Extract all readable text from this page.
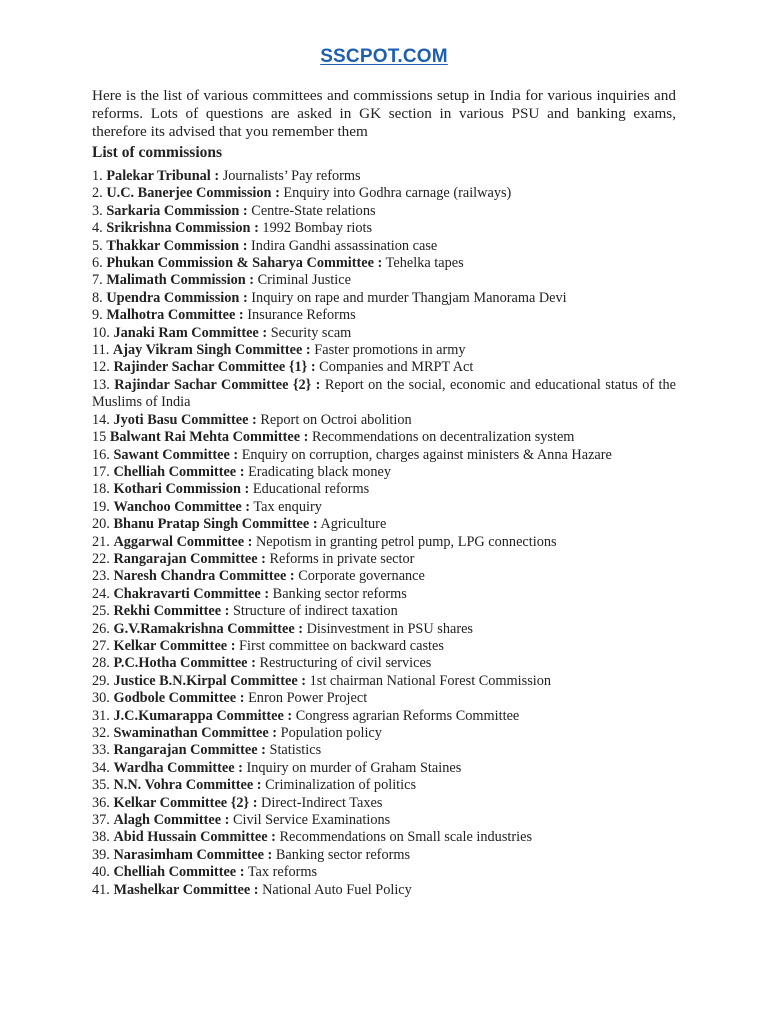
SSCPOT.COM

Here is the list of various committees and commissions setup in India for various inquiries and reforms. Lots of questions are asked in GK section in various PSU and banking exams, therefore its advised that you remember them

List of commissions
1. Palekar Tribunal : Journalists’ Pay reforms
2. U.C. Banerjee Commission : Enquiry into Godhra carnage (railways)
3. Sarkaria Commission : Centre-State relations
4. Srikrishna Commission : 1992 Bombay riots
5. Thakkar Commission : Indira Gandhi assassination case
6. Phukan Commission & Saharya Committee : Tehelka tapes
7. Malimath Commission : Criminal Justice
8. Upendra Commission : Inquiry on rape and murder Thangjam Manorama Devi
9. Malhotra Committee : Insurance Reforms
10. Janaki Ram Committee : Security scam
11. Ajay Vikram Singh Committee : Faster promotions in army
12. Rajinder Sachar Committee {1} : Companies and MRPT Act
13. Rajindar Sachar Committee {2} : Report on the social, economic and educational status of the Muslims of India
14. Jyoti Basu Committee : Report on Octroi abolition
15 Balwant Rai Mehta Committee : Recommendations on decentralization system
16. Sawant Committee : Enquiry on corruption, charges against ministers & Anna Hazare
17. Chelliah Committee : Eradicating black money
18. Kothari Commission : Educational reforms
19. Wanchoo Committee : Tax enquiry
20. Bhanu Pratap Singh Committee : Agriculture
21. Aggarwal Committee : Nepotism in granting petrol pump, LPG connections
22. Rangarajan Committee : Reforms in private sector
23. Naresh Chandra Committee : Corporate governance
24. Chakravarti Committee : Banking sector reforms
25. Rekhi Committee : Structure of indirect taxation
26. G.V.Ramakrishna Committee : Disinvestment in PSU shares
27. Kelkar Committee : First committee on backward castes
28. P.C.Hotha Committee : Restructuring of civil services
29. Justice B.N.Kirpal Committee : 1st chairman National Forest Commission
30. Godbole Committee : Enron Power Project
31. J.C.Kumarappa Committee : Congress agrarian Reforms Committee
32. Swaminathan Committee : Population policy
33. Rangarajan Committee : Statistics
34. Wardha Committee : Inquiry on murder of Graham Staines
35. N.N. Vohra Committee : Criminalization of politics
36. Kelkar Committee {2} : Direct-Indirect Taxes
37. Alagh Committee : Civil Service Examinations
38. Abid Hussain Committee : Recommendations on Small scale industries
39. Narasimham Committee : Banking sector reforms
40. Chelliah Committee : Tax reforms
41. Mashelkar Committee : National Auto Fuel Policy
